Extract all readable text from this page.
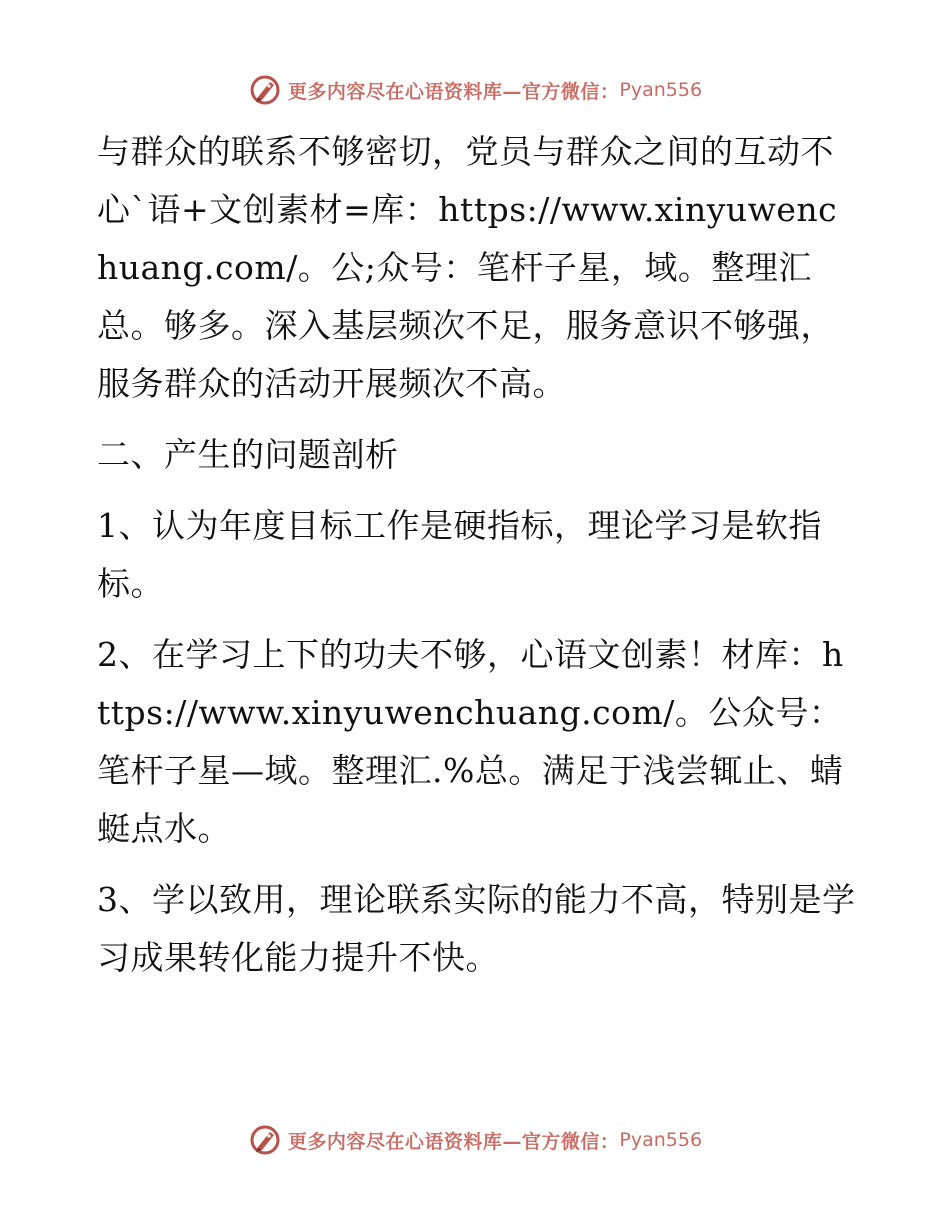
更多内容尽在心语资料库—官方微信： Pyan556

与群众的联系不够密切，党员与群众之间的互动不心`语+文创素材=库：https://www.xinyuwenchuang.com/。公;众号：笔杆子星，域。整理汇总。够多。深入基层频次不足，服务意识不够强，服务群众的活动开展频次不高。

二、产生的问题剖析

1、认为年度目标工作是硬指标，理论学习是软指标。

2、在学习上下的功夫不够，心语文创素！材库：https://www.xinyuwenchuang.com/。公众号：笔杆子星—域。整理汇.%总。满足于浅尝辄止、蜻蜓点水。

3、学以致用，理论联系实际的能力不高，特别是学习成果转化能力提升不快。

更多内容尽在心语资料库—官方微信： Pyan556
